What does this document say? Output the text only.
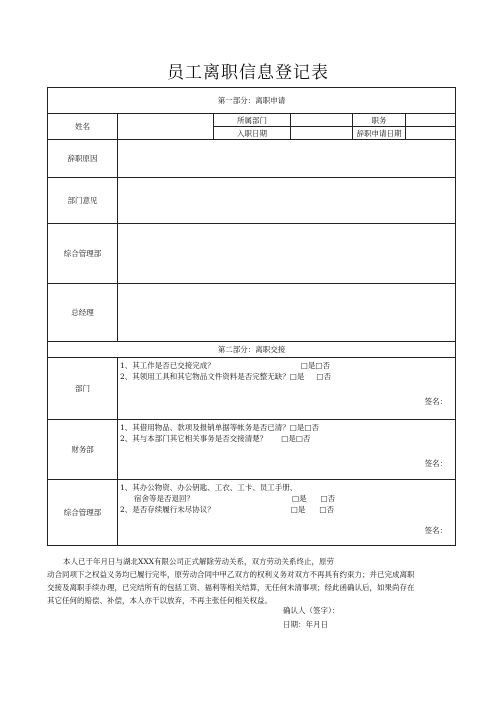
员工离职信息登记表
第一部分：离职申请					
姓名		所属部门		职务	
		入职日期		辞职申请日期	
辞职原因					
部门意见					
综合管理部					
总经理					
第二部分：离职交接					
部门	1、其工作是否已交接完成？ □是□否
2、其领用工具和其它物品文件资料是否完整无缺？□是 □否
签名：				

财务部	1、其借用物品、款项及报销单据等帐务是否已清？□是□否
2、其与本部门其它相关事务是否交接清楚？ □是□否
签名：				

综合管理部	1、其办公物资、办公钥匙、工衣、工卡、员工手册、
宿舍等是否退回？ □是 □否
2、是否存续履行未尽协议？ □是 □否
签名：				

本人已于年月日与湖北XXX有限公司正式解除劳动关系，双方劳动关系终止，原劳

动合同项下之权益义务均已履行完毕，原劳动合同中甲乙双方的权利义务对双方不再具有约束力；并已完成离职

交接及离职手续办理，已完结所有的包括工资、福利等相关结算，无任何未清事项；经此函确认后，如果尚存在

其它任何的赔偿、补偿，本人亦干以放弃，不再主张任何相关权益。

确认人（签字）：
日期：年月日
